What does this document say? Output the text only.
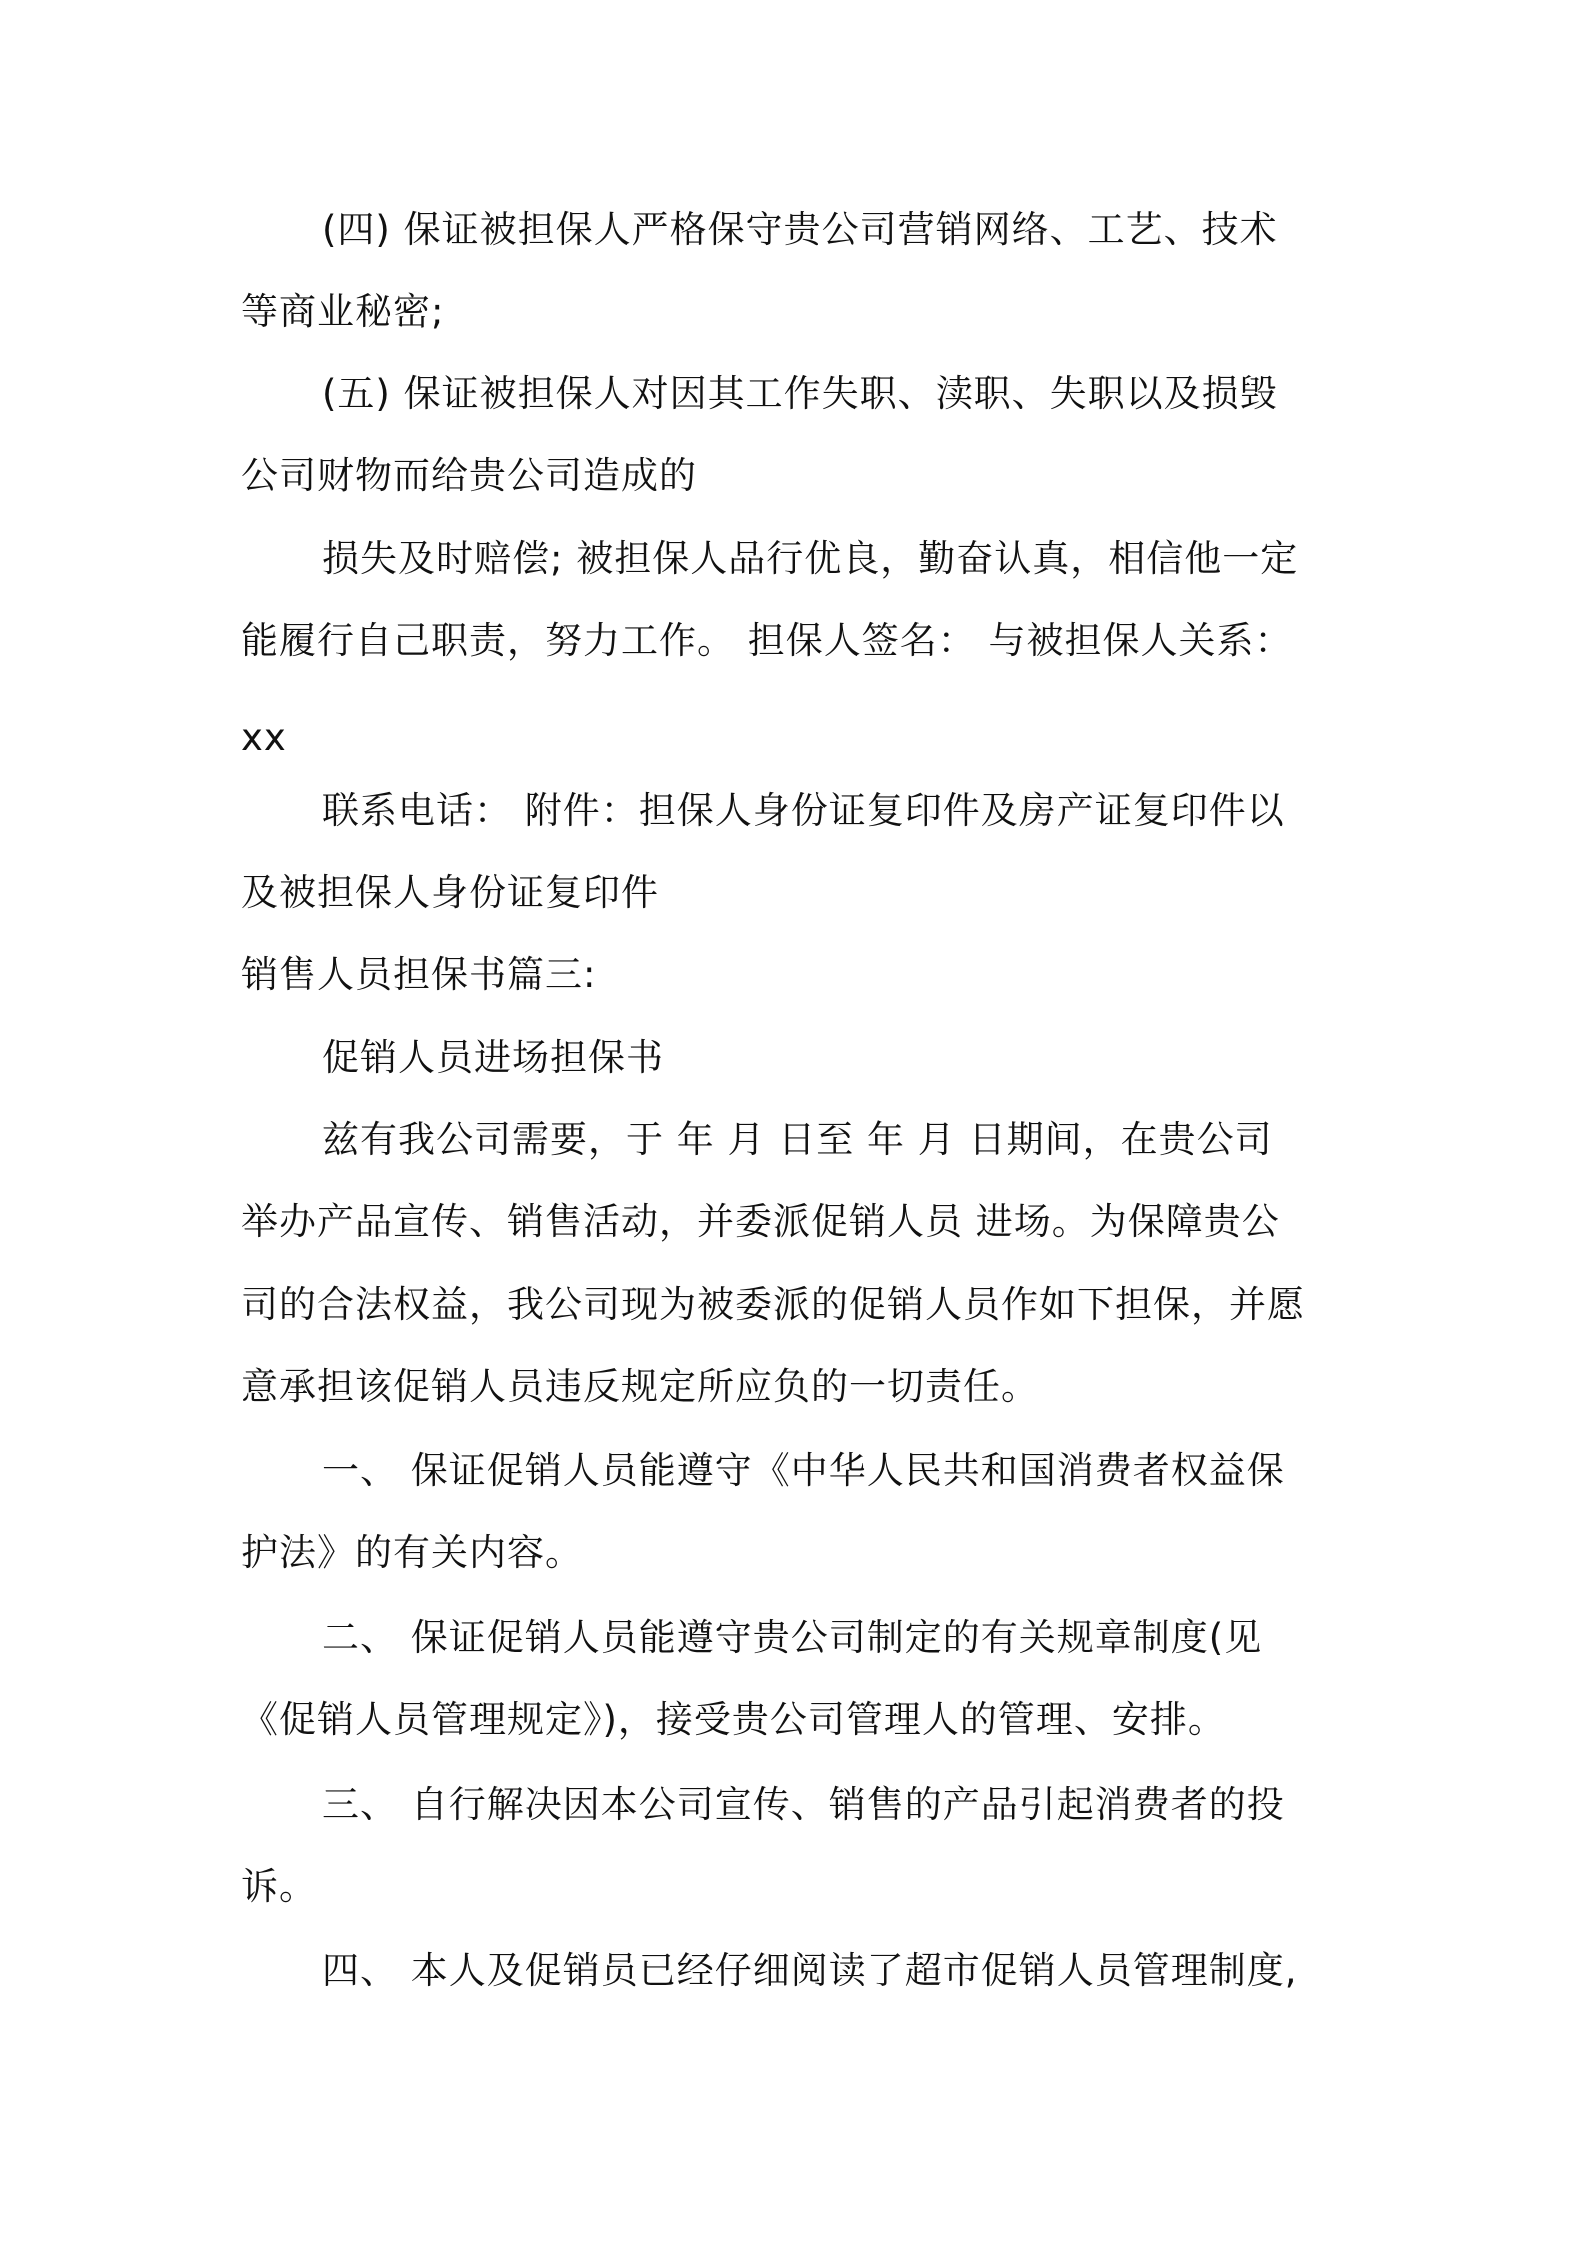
(四) 保证被担保人严格保守贵公司营销网络、工艺、技术
等商业秘密;
(五) 保证被担保人对因其工作失职、渎职、失职以及损毁
公司财物而给贵公司造成的
损失及时赔偿; 被担保人品行优良，勤奋认真，相信他一定
能履行自己职责，努力工作。 担保人签名： 与被担保人关系：
xx
联系电话： 附件：担保人身份证复印件及房产证复印件以
及被担保人身份证复印件
销售人员担保书篇三:
促销人员进场担保书
兹有我公司需要，于 年 月 日至 年 月 日期间，在贵公司
举办产品宣传、销售活动，并委派促销人员 进场。为保障贵公
司的合法权益，我公司现为被委派的促销人员作如下担保，并愿
意承担该促销人员违反规定所应负的一切责任。
一、 保证促销人员能遵守《中华人民共和国消费者权益保
护法》的有关内容。
二、 保证促销人员能遵守贵公司制定的有关规章制度(见
《促销人员管理规定》)，接受贵公司管理人的管理、安排。
三、 自行解决因本公司宣传、销售的产品引起消费者的投
诉。
四、 本人及促销员已经仔细阅读了超市促销人员管理制度,
